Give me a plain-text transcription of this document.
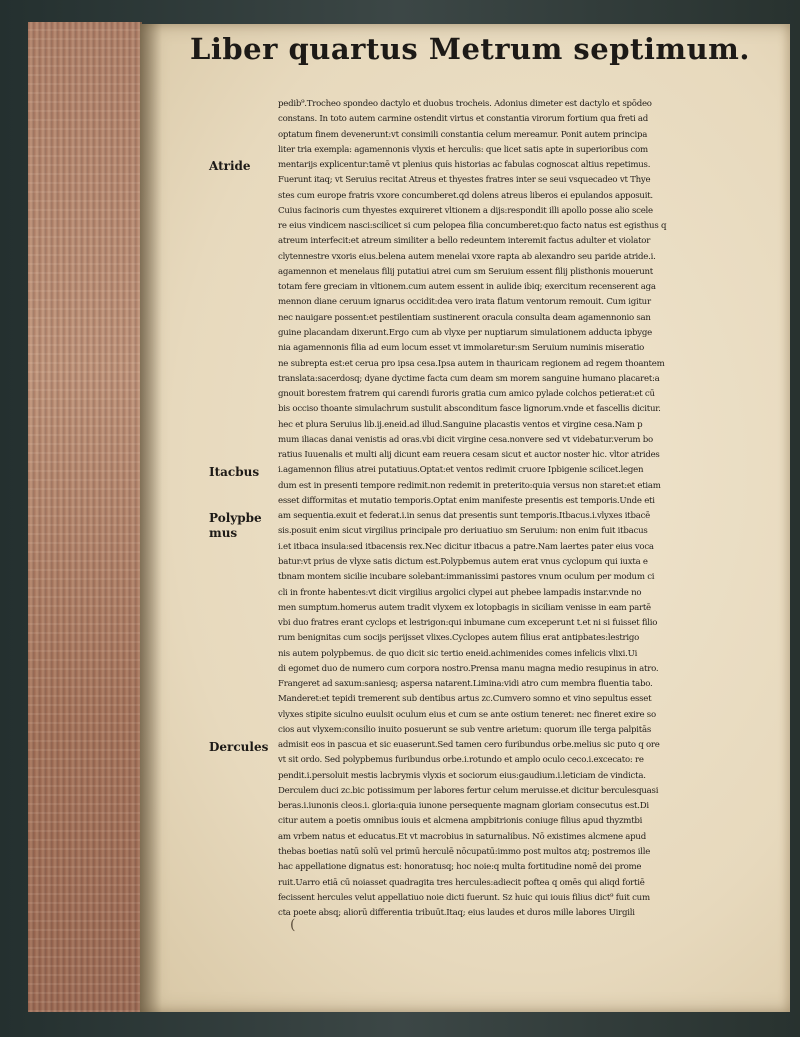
Liber quartus Metrum septimum.
Atride
Itacbus
Polypbe
mus
Dercules
pedib⁹.Trocheo spondeo dactylo et duobus trocheis. Adonius dimeter est dactylo et spōdeo
constans. In toto autem carmine ostendit virtus et constantia virorum fortium qua freti ad
optatum finem devenerunt:vt consimili constantia celum mereamur. Ponit autem principa
liter tria exempla: agamennonis vlyxis et herculis: que licet satis apte in superioribus com
mentarijs explicentur:tamē vt plenius quis historias ac fabulas cognoscat altius repetimus.
Fuerunt itaq; vt Seruius recitat Atreus et thyestes fratres inter se seui vsquecadeo vt Thye
stes cum europe fratris vxore concumberet.qd dolens atreus liberos ei epulandos apposuit.
Cuius facinoris cum thyestes exquireret vltionem a dijs:respondit illi apollo posse alio scele
re eius vindicem nasci:scilicet si cum pelopea filia concumberet:quo facto natus est egisthus q
atreum interfecit:et atreum similiter a bello redeuntem interemit factus adulter et violator
clytennestre vxoris eius.belena autem menelai vxore rapta ab alexandro seu paride atride.i.
agamennon et menelaus filij putatiui atrei cum sm Seruium essent filij plisthonis mouerunt
totam fere greciam in vltionem.cum autem essent in aulide ibiq; exercitum recenserent aga
mennon diane ceruum ignarus occidit:dea vero irata flatum ventorum remouit. Cum igitur
nec nauigare possent:et pestilentiam sustinerent oracula consulta deam agamennonio san
guine placandam dixerunt.Ergo cum ab vlyxe per nuptiarum simulationem adducta ipbyge
nia agamennonis filia ad eum locum esset vt immolaretur:sm Seruium numinis miseratio
ne subrepta est:et cerua pro ipsa cesa.Ipsa autem in thauricam regionem ad regem thoantem
translata:sacerdosq; dyane dyctime facta cum deam sm morem sanguine humano placaret:a
gnouit borestem fratrem qui carendi furoris gratia cum amico pylade colchos petierat:et cū
bis occiso thoante simulachrum sustulit absconditum fasce lignorum.vnde et fascellis dicitur.
hec et plura Seruius lib.ij.eneid.ad illud.Sanguine placastis ventos et virgine cesa.Nam p
mum iliacas danai venistis ad oras.vbi dicit virgine cesa.nonvere sed vt videbatur.verum bo
ratius Iuuenalis et multi alij dicunt eam reuera cesam sicut et auctor noster hic. vltor atrides
i.agamennon filius atrei putatiuus.Optat:et ventos redimit cruore Ipbigenie scilicet.legen
dum est in presenti tempore redimit.non redemit in preterito:quia versus non staret:et etiam
esset difformitas et mutatio temporis.Optat enim manifeste presentis est temporis.Unde eti
am sequentia.exuit et federat.i.in senus dat presentis sunt temporis.Itbacus.i.vlyxes itbacē
sis.posuit enim sicut virgilius principale pro deriuatiuo sm Seruium: non enim fuit itbacus
i.et itbaca insula:sed itbacensis rex.Nec dicitur itbacus a patre.Nam laertes pater eius voca
batur:vt prius de vlyxe satis dictum est.Polypbemus autem erat vnus cyclopum qui iuxta e
tbnam montem sicilie incubare solebant:immanissimi pastores vnum oculum per modum ci
cli in fronte habentes:vt dicit virgilius argolici clypei aut phebee lampadis instar.vnde no
men sumptum.homerus autem tradit vlyxem ex lotopbagis in siciliam venisse in eam partē
vbi duo fratres erant cyclops et lestrigon:qui inbumane cum exceperunt t.et ni si fuisset filio
rum benignitas cum socijs perijsset vlixes.Cyclopes autem filius erat antipbates:lestrigo
nis autem polypbemus. de quo dicit sic tertio eneid.achimenides comes infelicis vlixi.Ui
di egomet duo de numero cum corpora nostro.Prensa manu magna medio resupinus in atro.
Frangeret ad saxum:saniesq; aspersa natarent.Limina:vidi atro cum membra fluentia tabo.
Manderet:et tepidi tremerent sub dentibus artus zc.Cumvero somno et vino sepultus esset
vlyxes stipite siculno euulsit oculum eius et cum se ante ostium teneret: nec fineret exire so
cios aut vlyxem:consilio inuito posuerunt se sub ventre arietum: quorum ille terga palpitās
admisit eos in pascua et sic euaserunt.Sed tamen cero furibundus orbe.melius sic puto q ore
vt sit ordo. Sed polypbemus furibundus orbe.i.rotundo et amplo oculo ceco.i.excecato: re
pendit.i.persoluit mestis lacbrymis vlyxis et sociorum eius:gaudium.i.leticiam de vindicta.
Derculem duci zc.bic potissimum per labores fertur celum meruisse.et dicitur berculesquasi
beras.i.iunonis cleos.i. gloria:quia iunone persequente magnam gloriam consecutus est.Di
citur autem a poetis omnibus iouis et alcmena ampbitrionis coniuge filius apud thyzmtbi
am vrbem natus et educatus.Et vt macrobius in saturnalibus. Nō existimes alcmene apud
thebas boetias natū solū vel primū herculē nōcupatū:immo post multos atq; postremos ille
hac appellatione dignatus est: honoratusq; hoc noie:q multa fortitudine nomē dei prome
ruit.Uarro etiā cū noiasset quadragita tres hercules:adiecit poftea q omēs qui aliqd fortiē
fecissent hercules velut appellatiuo noie dicti fuerunt. Sz huic qui iouis filius dict⁹ fuit cum
cta poete absq; aliorū differentia tribuūt.Itaq; eius laudes et duros mille labores Uirgili
(
